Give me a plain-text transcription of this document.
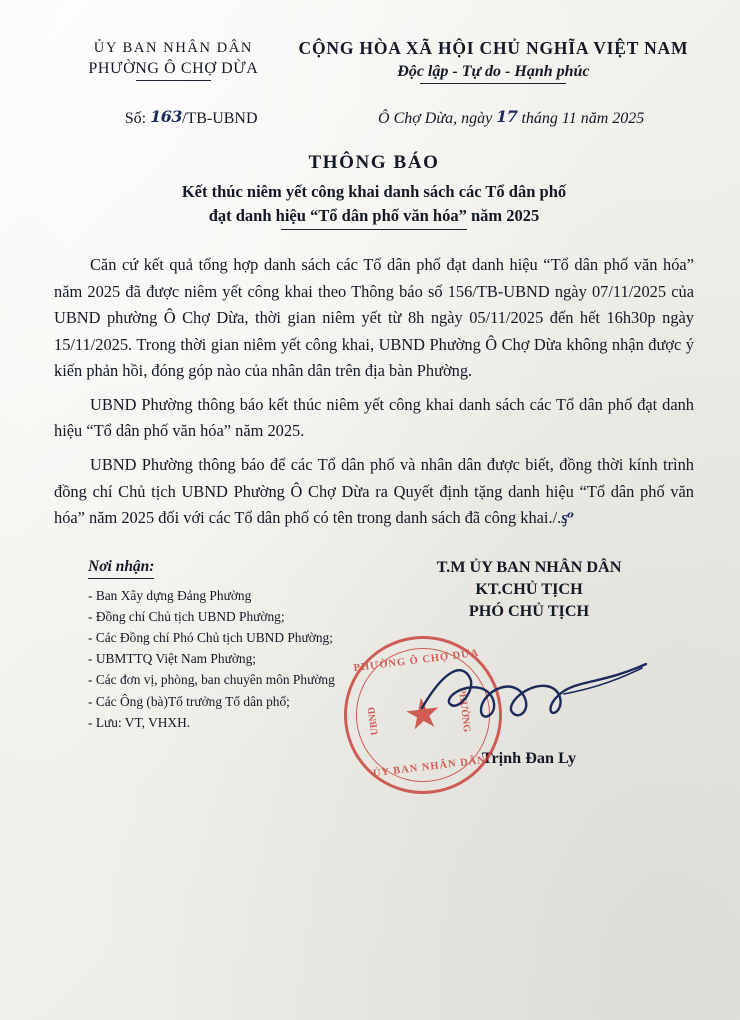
ỦY BAN NHÂN DÂN
PHƯỜNG Ô CHỢ DỪA
CỘNG HÒA XÃ HỘI CHỦ NGHĨA VIỆT NAM
Độc lập - Tự do - Hạnh phúc
Số: 163/TB-UBND	Ô Chợ Dừa, ngày 17 tháng 11 năm 2025
THÔNG BÁO
Kết thúc niêm yết công khai danh sách các Tổ dân phố
đạt danh hiệu “Tổ dân phố văn hóa” năm 2025

Căn cứ kết quả tổng hợp danh sách các Tổ dân phố đạt danh hiệu “Tổ dân phố văn hóa” năm 2025 đã được niêm yết công khai theo Thông báo số 156/TB-UBND ngày 07/11/2025 của UBND phường Ô Chợ Dừa, thời gian niêm yết từ 8h ngày 05/11/2025 đến hết 16h30p ngày 15/11/2025. Trong thời gian niêm yết công khai, UBND Phường Ô Chợ Dừa không nhận được ý kiến phản hồi, đóng góp nào của nhân dân trên địa bàn Phường.

UBND Phường thông báo kết thúc niêm yết công khai danh sách các Tổ dân phố đạt danh hiệu “Tổ dân phố văn hóa” năm 2025.

UBND Phường thông báo để các Tổ dân phố và nhân dân được biết, đồng thời kính trình đồng chí Chủ tịch UBND Phường Ô Chợ Dừa ra Quyết định tặng danh hiệu “Tổ dân phố văn hóa” năm 2025 đối với các Tổ dân phố có tên trong danh sách đã công khai./.ᶊᵒ

Nơi nhận:
- Ban Xây dựng Đảng Phường
- Đồng chí Chủ tịch UBND Phường;
- Các Đồng chí Phó Chủ tịch UBND Phường;
- UBMTTQ Việt Nam Phường;
- Các đơn vị, phòng, ban chuyên môn Phường
- Các Ông (bà)Tổ trưởng Tổ dân phố;
- Lưu: VT, VHXH.
T.M ỦY BAN NHÂN DÂN
KT.CHỦ TỊCH
PHÓ CHỦ TỊCH
Trịnh Đan Ly
PHƯỜNG Ô CHỢ DỪA
★
UBND	PHƯỜNG
ỦY BAN NHÂN DÂN
